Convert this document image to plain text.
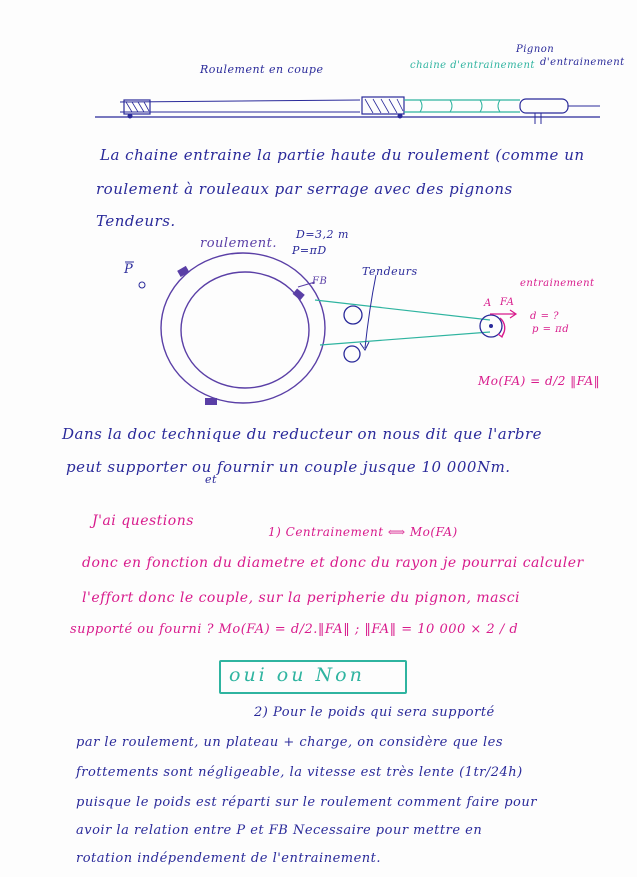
Roulement en coupe	chaine d'entrainement
Pignon
d'entrainement
La chaine entraine la partie haute du roulement (comme un
roulement à rouleaux par serrage avec des pignons
Tendeurs.
roulement.
D=3,2 m
P=πD
FB
P	Tendeurs
entrainement
A FA
d = ?
p = πd
Mo(FA) = d/2 ‖FA‖
Dans la doc technique du reducteur on nous dit que l'arbre
peut supporter ou fournir un couple jusque 10 000Nm.
et
J'ai questions
1) Centrainement ⟺ Mo(FA)
donc en fonction du diametre et donc du rayon je pourrai calculer
l'effort donc le couple, sur la peripherie du pignon, masci
supporté ou fourni ? Mo(FA) = d/2.‖FA‖ ; ‖FA‖ = 10 000 × 2 / d
oui ou Non
2) Pour le poids qui sera supporté
par le roulement, un plateau + charge, on considère que les
frottements sont négligeable, la vitesse est très lente (1tr/24h)
puisque le poids est réparti sur le roulement comment faire pour
avoir la relation entre P et FB Necessaire pour mettre en
rotation indépendement de l'entrainement.
